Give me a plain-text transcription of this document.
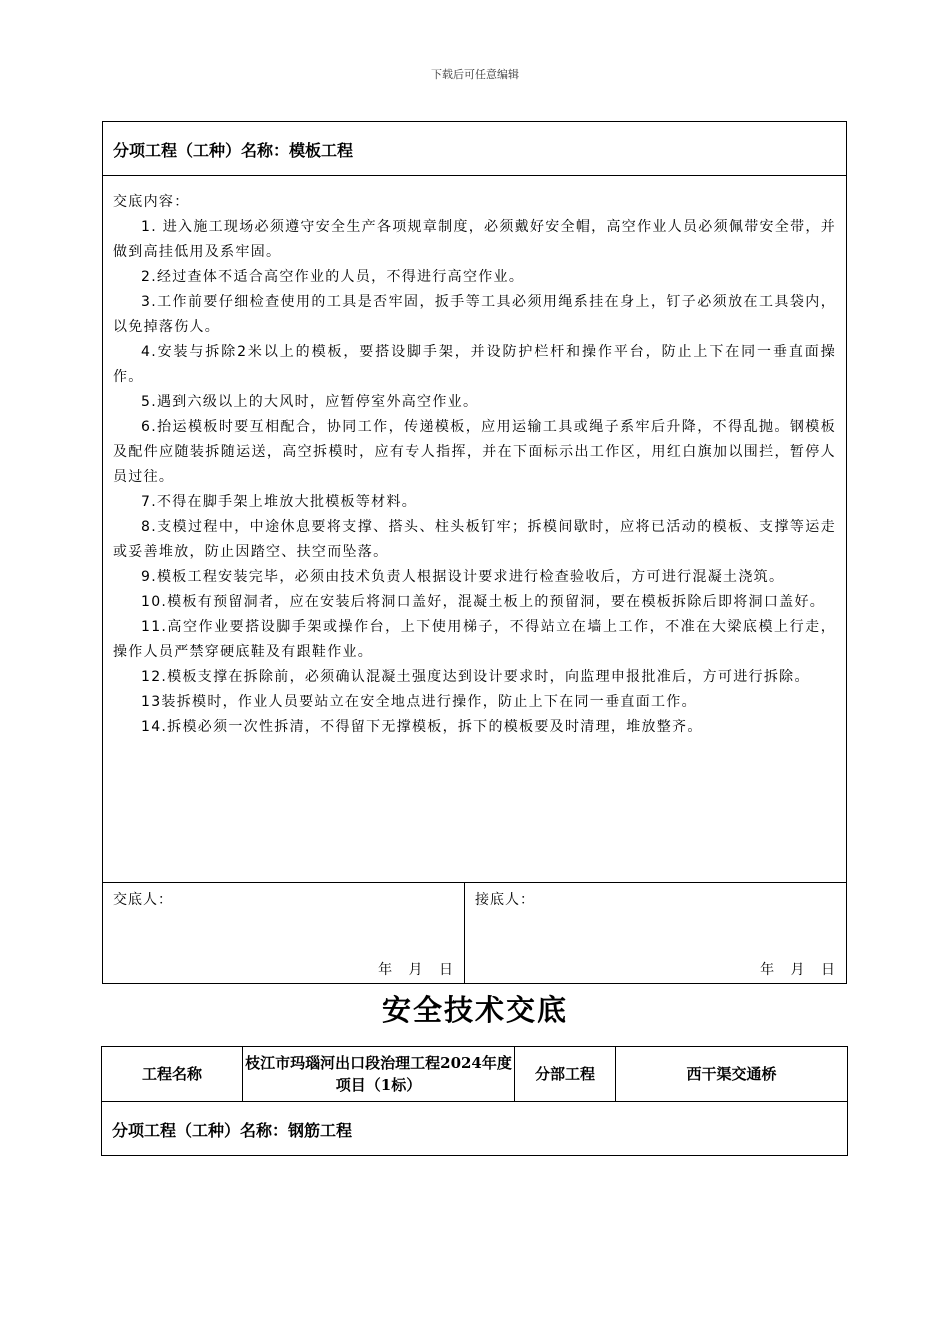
下载后可任意编辑
分项工程（工种）名称：模板工程

交底内容：

1. 进入施工现场必须遵守安全生产各项规章制度，必须戴好安全帽，高空作业人员必须佩带安全带，并做到高挂低用及系牢固。

2.经过查体不适合高空作业的人员，不得进行高空作业。

3.工作前要仔细检查使用的工具是否牢固，扳手等工具必须用绳系挂在身上，钉子必须放在工具袋内，以免掉落伤人。

4.安装与拆除2米以上的模板，要搭设脚手架，并设防护栏杆和操作平台，防止上下在同一垂直面操作。

5.遇到六级以上的大风时，应暂停室外高空作业。

6.抬运模板时要互相配合，协同工作，传递模板，应用运输工具或绳子系牢后升降，不得乱抛。钢模板及配件应随装拆随运送，高空拆模时，应有专人指挥，并在下面标示出工作区，用红白旗加以围拦，暂停人员过往。

7.不得在脚手架上堆放大批模板等材料。

8.支模过程中，中途休息要将支撑、搭头、柱头板钉牢；拆模间歇时，应将已活动的模板、支撑等运走或妥善堆放，防止因踏空、扶空而坠落。

9.模板工程安装完毕，必须由技术负责人根据设计要求进行检查验收后，方可进行混凝土浇筑。

10.模板有预留洞者，应在安装后将洞口盖好，混凝土板上的预留洞，要在模板拆除后即将洞口盖好。

11.高空作业要搭设脚手架或操作台，上下使用梯子，不得站立在墙上工作，不准在大梁底模上行走，操作人员严禁穿硬底鞋及有跟鞋作业。

12.模板支撑在拆除前，必须确认混凝土强度达到设计要求时，向监理申报批准后，方可进行拆除。

13装拆模时，作业人员要站立在安全地点进行操作，防止上下在同一垂直面工作。

14.拆模必须一次性拆清，不得留下无撑模板，拆下的模板要及时清理，堆放整齐。

交底人：
年 月 日
接底人：
年 月 日
安全技术交底
工程名称
枝江市玛瑙河出口段治理工程2024年度项目（1标）
分部工程	西干渠交通桥
分项工程（工种）名称：钢筋工程
